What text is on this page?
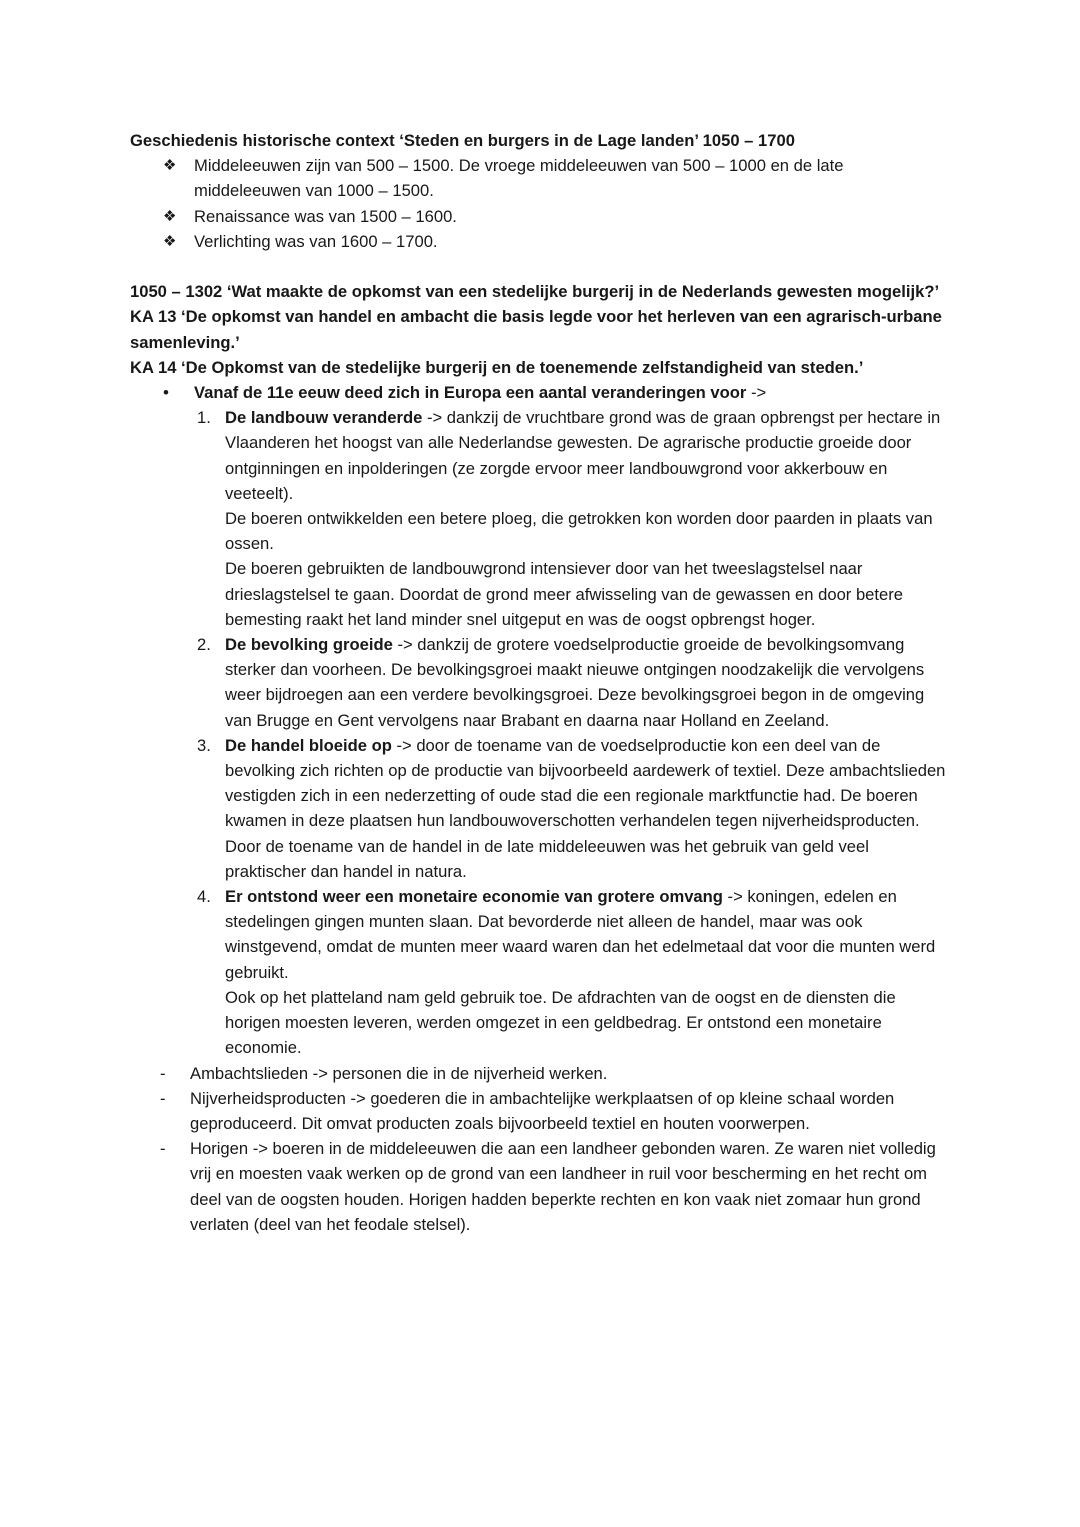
Geschiedenis historische context ‘Steden en burgers in de Lage landen’ 1050 – 1700

❖ Middeleeuwen zijn van 500 – 1500. De vroege middeleeuwen van 500 – 1000 en de late middeleeuwen van 1000 – 1500.
❖ Renaissance was van 1500 – 1600.
❖ Verlichting was van 1600 – 1700.

1050 – 1302 ‘Wat maakte de opkomst van een stedelijke burgerij in de Nederlands gewesten mogelijk?’

KA 13 ‘De opkomst van handel en ambacht die basis legde voor het herleven van een agrarisch-urbane samenleving.’

KA 14 ‘De Opkomst van de stedelijke burgerij en de toenemende zelfstandigheid van steden.’

• Vanaf de 11e eeuw deed zich in Europa een aantal veranderingen voor ->
1. De landbouw veranderde -> dankzij de vruchtbare grond was de graan opbrengst per hectare in Vlaanderen het hoogst van alle Nederlandse gewesten. De agrarische productie groeide door ontginningen en inpolderingen (ze zorgde ervoor meer landbouwgrond voor akkerbouw en veeteelt).

De boeren ontwikkelden een betere ploeg, die getrokken kon worden door paarden in plaats van ossen.

De boeren gebruikten de landbouwgrond intensiever door van het tweeslagstelsel naar drieslagstelsel te gaan. Doordat de grond meer afwisseling van de gewassen en door betere bemesting raakt het land minder snel uitgeput en was de oogst opbrengst hoger.

2. De bevolking groeide -> dankzij de grotere voedselproductie groeide de bevolkingsomvang sterker dan voorheen. De bevolkingsgroei maakt nieuwe ontgingen noodzakelijk die vervolgens weer bijdroegen aan een verdere bevolkingsgroei. Deze bevolkingsgroei begon in de omgeving van Brugge en Gent vervolgens naar Brabant en daarna naar Holland en Zeeland.
3. De handel bloeide op -> door de toename van de voedselproductie kon een deel van de bevolking zich richten op de productie van bijvoorbeeld aardewerk of textiel. Deze ambachtslieden vestigden zich in een nederzetting of oude stad die een regionale marktfunctie had. De boeren kwamen in deze plaatsen hun landbouwoverschotten verhandelen tegen nijverheidsproducten. Door de toename van de handel in de late middeleeuwen was het gebruik van geld veel praktischer dan handel in natura.
4. Er ontstond weer een monetaire economie van grotere omvang -> koningen, edelen en stedelingen gingen munten slaan. Dat bevorderde niet alleen de handel, maar was ook winstgevend, omdat de munten meer waard waren dan het edelmetaal dat voor die munten werd gebruikt.

Ook op het platteland nam geld gebruik toe. De afdrachten van de oogst en de diensten die horigen moesten leveren, werden omgezet in een geldbedrag. Er ontstond een monetaire economie.

- Ambachtslieden -> personen die in de nijverheid werken.
- Nijverheidsproducten -> goederen die in ambachtelijke werkplaatsen of op kleine schaal worden geproduceerd. Dit omvat producten zoals bijvoorbeeld textiel en houten voorwerpen.
- Horigen -> boeren in de middeleeuwen die aan een landheer gebonden waren. Ze waren niet volledig vrij en moesten vaak werken op de grond van een landheer in ruil voor bescherming en het recht om deel van de oogsten houden. Horigen hadden beperkte rechten en kon vaak niet zomaar hun grond verlaten (deel van het feodale stelsel).
